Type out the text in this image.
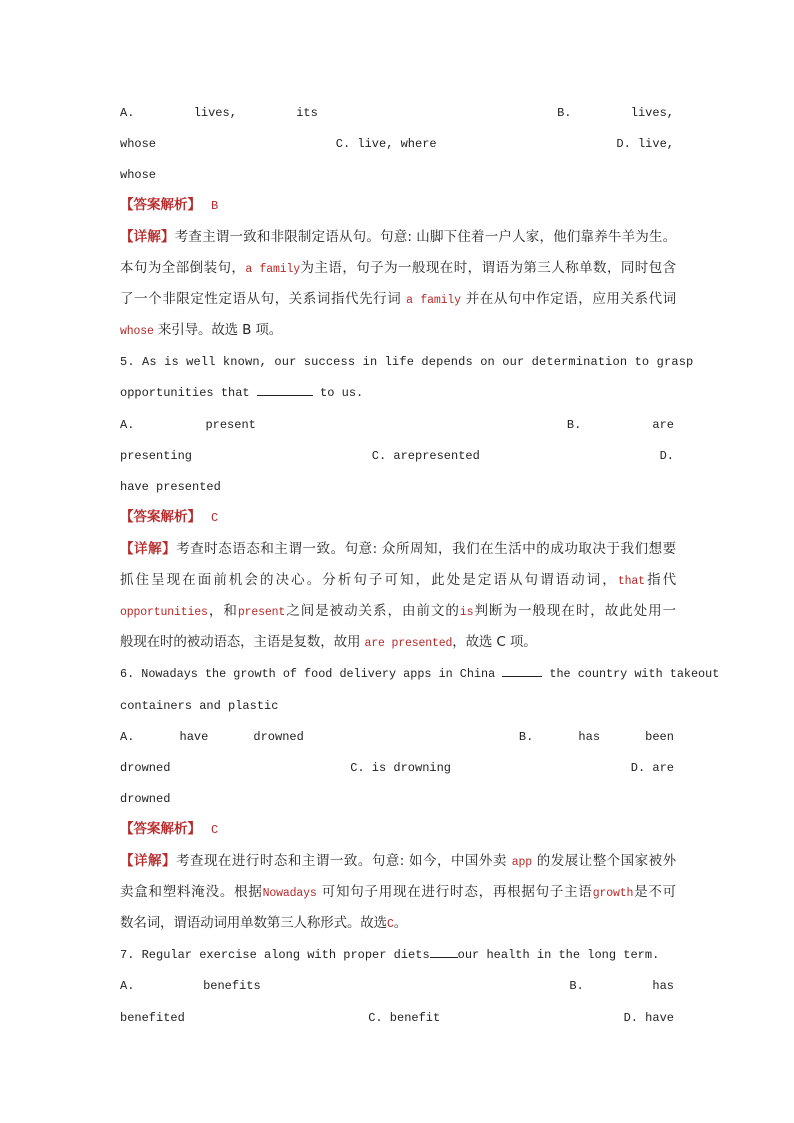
A.	lives,	its	B.	lives,
whose	C. live, where	D. live,
whose
【答案解析】 B
【详解】考查主谓一致和非限制定语从句。句意: 山脚下住着一户人家，他们靠养牛羊为生。
本句为全部倒装句，a family为主语，句子为一般现在时，谓语为第三人称单数，同时包含
了一个非限定性定语从句，关系词指代先行词 a family 并在从句中作定语，应用关系代词
whose 来引导。故选 B 项。
5. As is well known, our success in life depends on our determination to grasp
opportunities that	to us.
A.	present	B.	are
presenting	C. arepresented	D.
have presented
【答案解析】 C
【详解】考查时态语态和主谓一致。句意: 众所周知，我们在生活中的成功取决于我们想要
抓住呈现在面前机会的决心。分析句子可知，此处是定语从句谓语动词，that指代
opportunities，和present之间是被动关系，由前文的is判断为一般现在时，故此处用一
般现在时的被动语态，主语是复数，故用 are presented，故选 C 项。
6. Nowadays the growth of food delivery apps in China	the country with takeout
containers and plastic
A.	have	drowned	B.	has	been
drowned	C. is drowning	D. are
drowned
【答案解析】 C
【详解】考查现在进行时态和主谓一致。句意: 如今，中国外卖 app 的发展让整个国家被外
卖盒和塑料淹没。根据Nowadays 可知句子用现在进行时态，再根据句子主语growth是不可
数名词，谓语动词用单数第三人称形式。故选C。
7. Regular exercise along with proper diets our health in the long term.
A.	benefits	B.	has
benefited	C. benefit	D. have
